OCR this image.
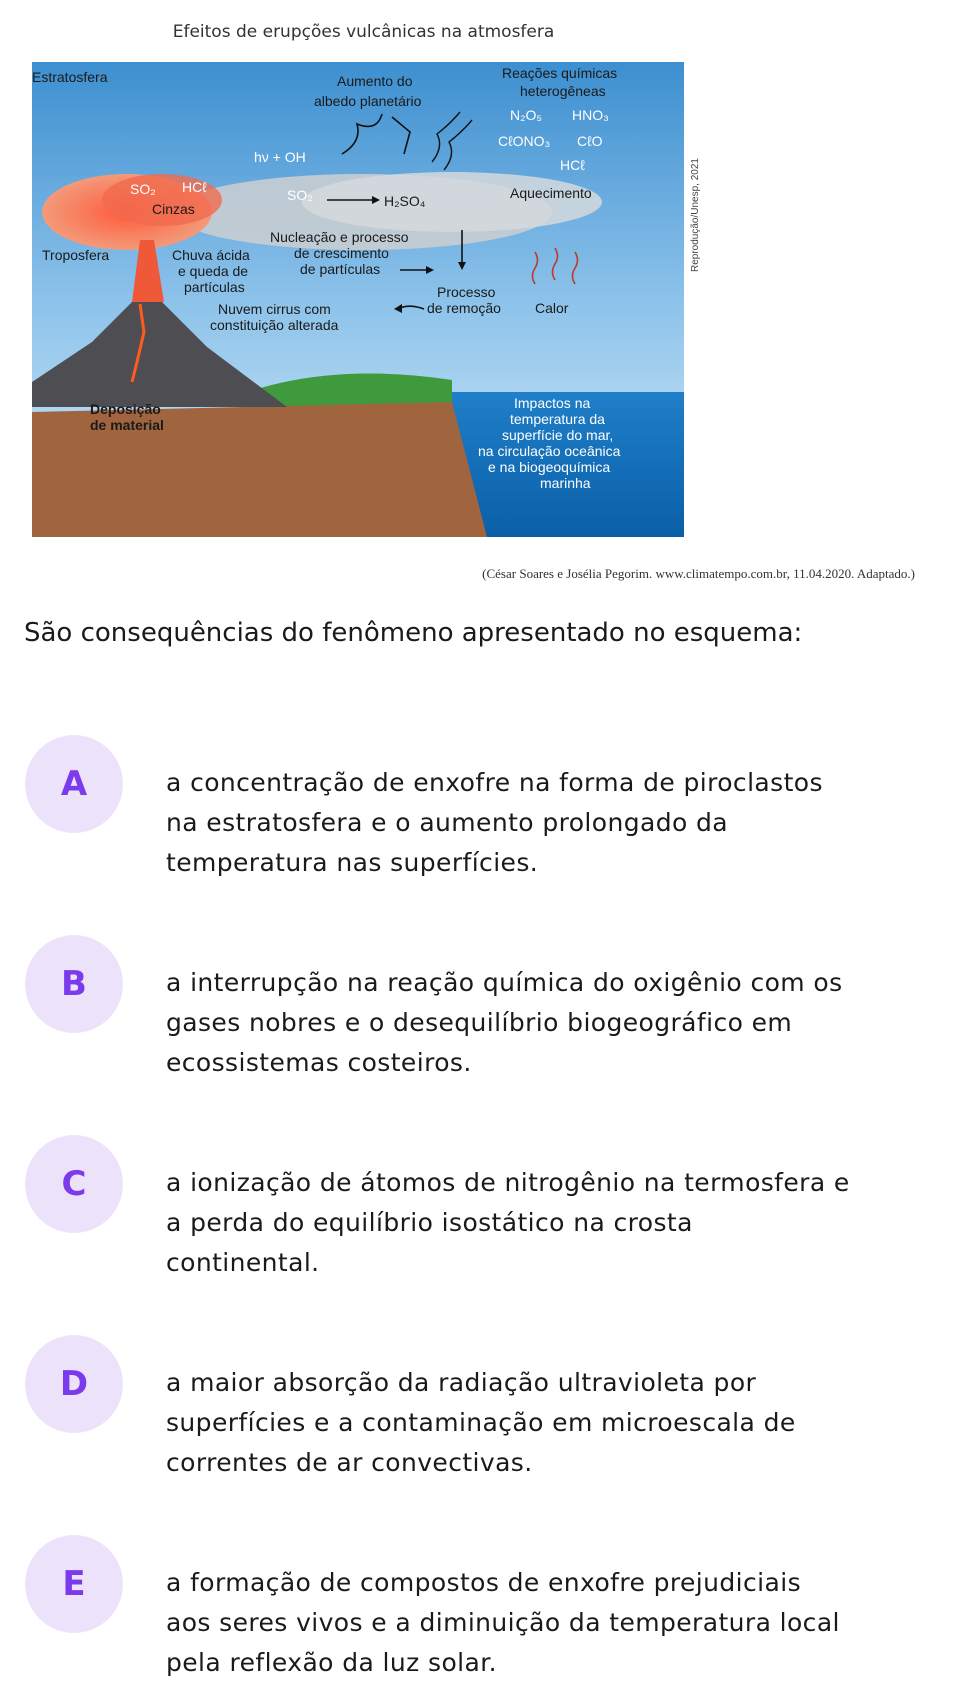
Efeitos de erupções vulcânicas na atmosfera
Estratosfera
Troposfera
Aumento do
albedo planetário
Reações químicas
heterogêneas
N₂O₅ HNO₃
CℓONO₃ CℓO
HCℓ
hν + OH
SO₂ HCℓ
Cinzas
SO₂	H₂SO₄	Aquecimento
Nucleação e processo
de crescimento
de partículas
Chuva ácida
e queda de
partículas	Processo
de remoção Calor
Nuvem cirrus com
constituição alterada
Deposição
de material
Impactos na
temperatura da
superfície do mar,
na circulação oceânica
e na biogeoquímica
marinha
Reprodução/Unesp, 2021
(César Soares e Josélia Pegorim. www.climatempo.com.br, 11.04.2020. Adaptado.)
São consequências do fenômeno apresentado no esquema:
A	a concentração de enxofre na forma de piroclastos
na estratosfera e o aumento prolongado da
temperatura nas superfícies.
B	a interrupção na reação química do oxigênio com os
gases nobres e o desequilíbrio biogeográfico em
ecossistemas costeiros.
C	a ionização de átomos de nitrogênio na termosfera e
a perda do equilíbrio isostático na crosta
continental.
D	a maior absorção da radiação ultravioleta por
superfícies e a contaminação em microescala de
correntes de ar convectivas.
E	a formação de compostos de enxofre prejudiciais
aos seres vivos e a diminuição da temperatura local
pela reflexão da luz solar.
